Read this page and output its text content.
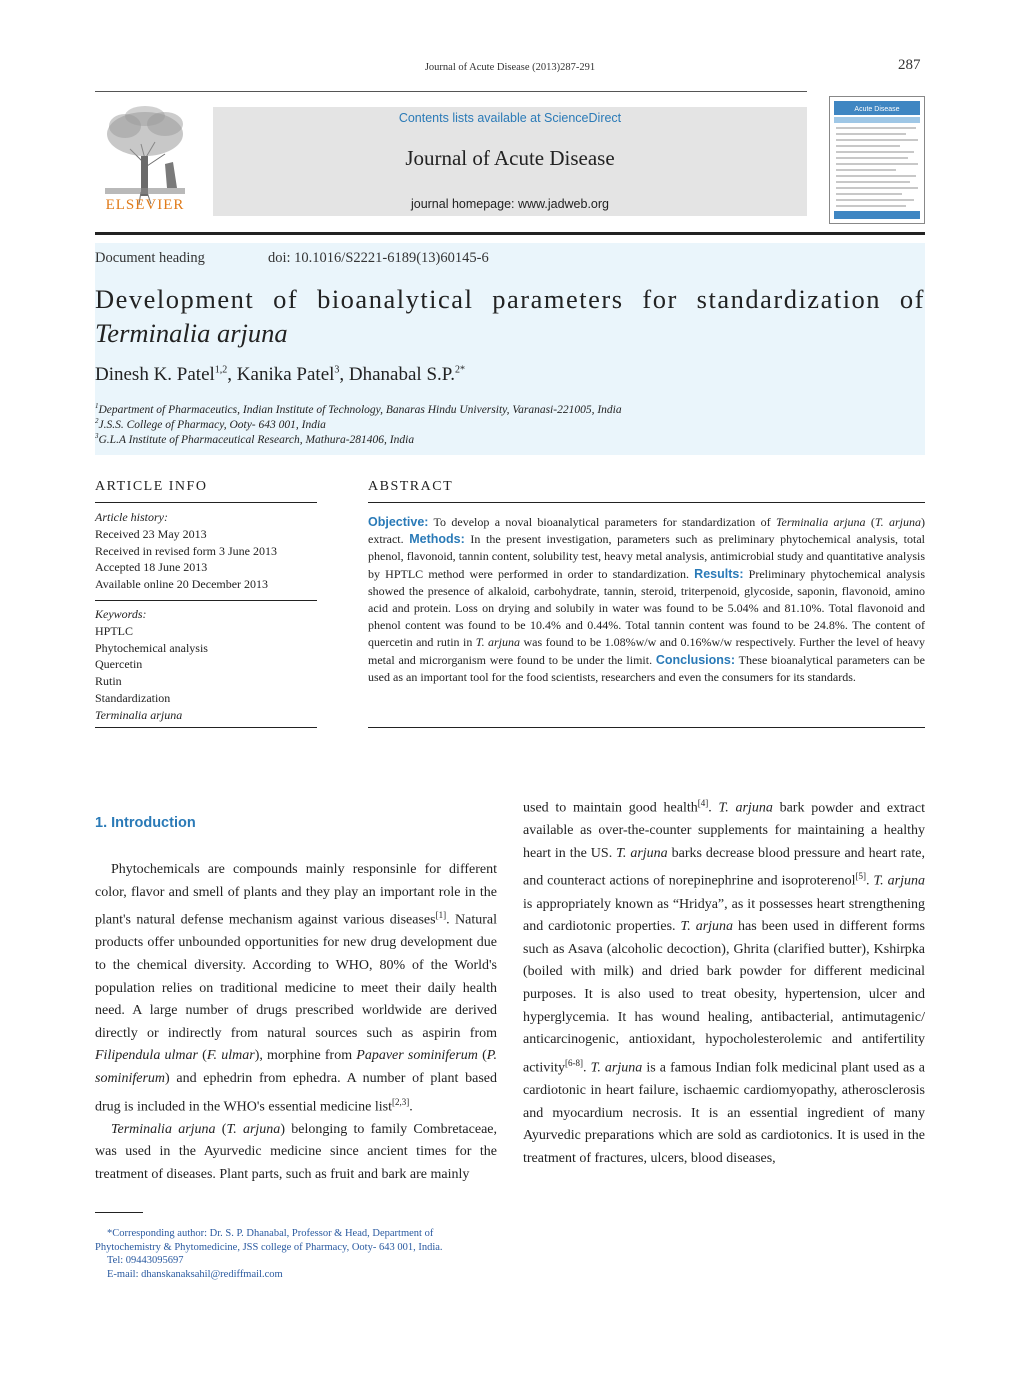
Journal of Acute Disease (2013)287-291	287
ELSEVIER
Contents lists available at ScienceDirect
Journal of Acute Disease
journal homepage: www.jadweb.org
Acute Disease
Document heading	doi: 10.1016/S2221-6189(13)60145-6
Development of bioanalytical parameters for standardization of
Terminalia arjuna
Dinesh K. Patel$^{1,2}$, Kanika Patel$^3$, Dhanabal S.P.$^{2*}$
$^1$Department of Pharmaceutics, Indian Institute of Technology, Banaras Hindu University, Varanasi-221005, India
$^2$J.S.S. College of Pharmacy, Ooty- 643 001, India
$^3$G.L.A Institute of Pharmaceutical Research, Mathura-281406, India
ARTICLE INFO
Article history:
Received 23 May 2013
Received in revised form 3 June 2013
Accepted 18 June 2013
Available online 20 December 2013
Keywords:
HPTLC
Phytochemical analysis
Quercetin
Rutin
Standardization
Terminalia arjuna
ABSTRACT
Objective: To develop a noval bioanalytical parameters for standardization of Terminalia arjuna (T. arjuna) extract. Methods: In the present investigation, parameters such as preliminary phytochemical analysis, total phenol, flavonoid, tannin content, solubility test, heavy metal analysis, antimicrobial study and quantitative analysis by HPTLC method were performed in order to standardization. Results: Preliminary phytochemical analysis showed the presence of alkaloid, carbohydrate, tannin, steroid, triterpenoid, glycoside, saponin, flavonoid, amino acid and protein. Loss on drying and solubily in water was found to be 5.04% and 81.10%. Total flavonoid and phenol content was found to be 10.4% and 0.44%. Total tannin content was found to be 24.8%. The content of quercetin and rutin in T. arjuna was found to be 1.08%w/w and 0.16%w/w respectively. Further the level of heavy metal and microrganism were found to be under the limit. Conclusions: These bioanalytical parameters can be used as an important tool for the food scientists, researchers and even the consumers for its standards.
1. Introduction

Phytochemicals are compounds mainly responsinle for different color, flavor and smell of plants and they play an important role in the plant's natural defense mechanism against various diseases[1]. Natural products offer unbounded opportunities for new drug development due to the chemical diversity. According to WHO, 80% of the World's population relies on traditional medicine to meet their daily health need. A large number of drugs prescribed worldwide are derived directly or indirectly from natural sources such as aspirin from Filipendula ulmar (F. ulmar), morphine from Papaver sominiferum (P. sominiferum) and ephedrin from ephedra. A number of plant based drug is included in the WHO's essential medicine list[2,3].

Terminalia arjuna (T. arjuna) belonging to family Combretaceae, was used in the Ayurvedic medicine since ancient times for the treatment of diseases. Plant parts, such as fruit and bark are mainly

*Corresponding author: Dr. S. P. Dhanabal, Professor & Head, Department of Phytochemistry & Phytomedicine, JSS college of Pharmacy, Ooty- 643 001, India.
Tel: 09443095697
E-mail: dhanskanaksahil@rediffmail.com

used to maintain good health[4]. T. arjuna bark powder and extract available as over-the-counter supplements for maintaining a healthy heart in the US. T. arjuna barks decrease blood pressure and heart rate, and counteract actions of norepinephrine and isoproterenol[5]. T. arjuna is appropriately known as “Hridya”, as it possesses heart strengthening and cardiotonic properties. T. arjuna has been used in different forms such as Asava (alcoholic decoction), Ghrita (clarified butter), Kshirpka (boiled with milk) and dried bark powder for different medicinal purposes. It is also used to treat obesity, hypertension, ulcer and hyperglycemia. It has wound healing, antibacterial, antimutagenic/ anticarcinogenic, antioxidant, hypocholesterolemic and antifertility activity[6-8]. T. arjuna is a famous Indian folk medicinal plant used as a cardiotonic in heart failure, ischaemic cardiomyopathy, atherosclerosis and myocardium necrosis. It is an essential ingredient of many Ayurvedic preparations which are sold as cardiotonics. It is used in the treatment of fractures, ulcers, blood diseases,
